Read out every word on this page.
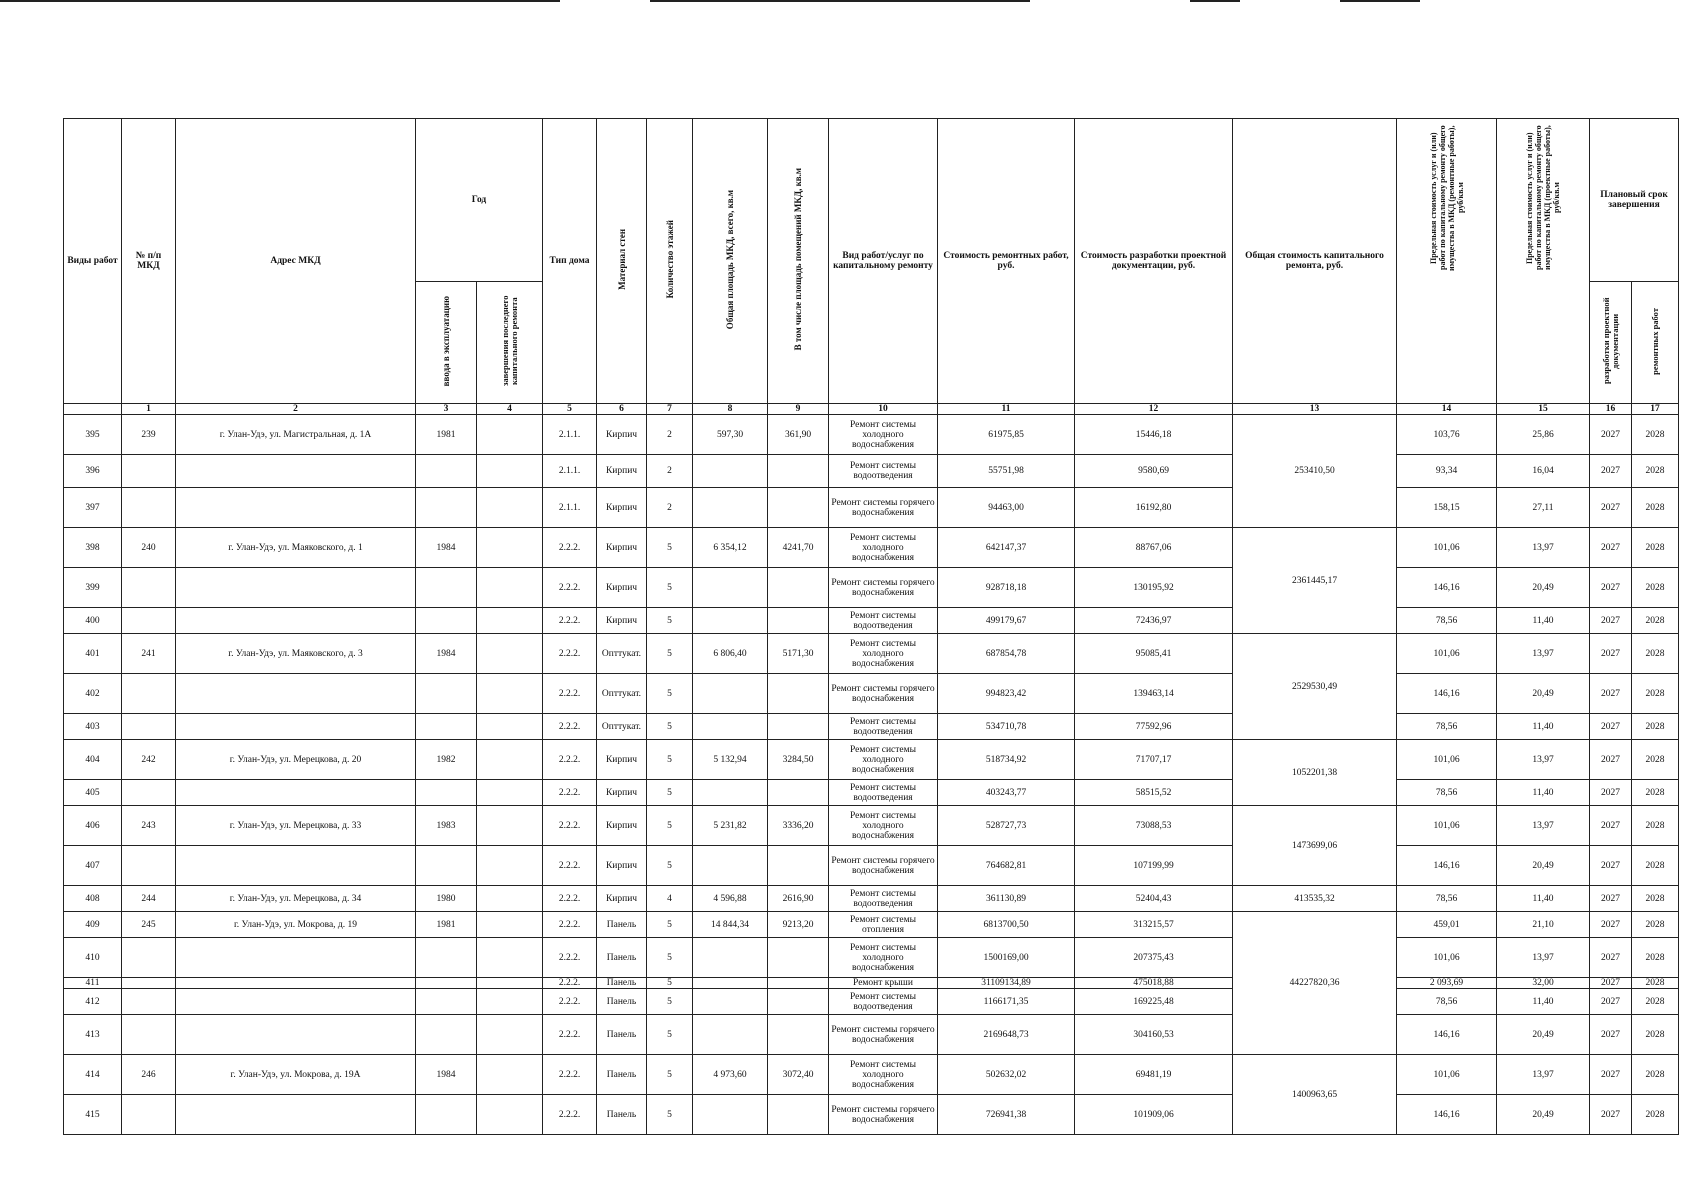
Виды работ	№ п/п МКД	Адрес МКД	Год		Тип дома	Материал стен	Количество этажей	Общая площадь МКД, всего, кв.м	В том числе площадь помещений МКД, кв.м	Вид работ/услуг по капитальному ремонту	Стоимость ремонтных работ, руб.	Стоимость разработки проектной документации, руб.	Общая стоимость капитального ремонта, руб.	Предельная стоимость услуг и (или) работ по капитальному ремонту общего имущества в МКД (ремонтные работы), руб/кв.м	Предельная стоимость услуг и (или) работ по капитальному ремонту общего имущества в МКД (проектные работы), руб/кв.м	Плановый срок завершения	
			ввода в эксплуатацию	завершения последнего капитального ремонта												разработки проектной документации	ремонтных работ
	1	2	3	4	5	6	7	8	9	10	11	12	13	14	15	16	17
395	239	г. Улан-Удэ, ул. Магистральная, д. 1А	1981		2.1.1.	Кирпич	2	597,30	361,90	Ремонт системы холодного водоснабжения	61975,85	15446,18	253410,50	103,76	25,86	2027	2028
396					2.1.1.	Кирпич	2			Ремонт системы водоотведения	55751,98	9580,69		93,34	16,04	2027	2028
397					2.1.1.	Кирпич	2			Ремонт системы горячего водоснабжения	94463,00	16192,80		158,15	27,11	2027	2028
398	240	г. Улан-Удэ, ул. Маяковского, д. 1	1984		2.2.2.	Кирпич	5	6 354,12	4241,70	Ремонт системы холодного водоснабжения	642147,37	88767,06	2361445,17	101,06	13,97	2027	2028
399					2.2.2.	Кирпич	5			Ремонт системы горячего водоснабжения	928718,18	130195,92		146,16	20,49	2027	2028
400					2.2.2.	Кирпич	5			Ремонт системы водоотведения	499179,67	72436,97		78,56	11,40	2027	2028
401	241	г. Улан-Удэ, ул. Маяковского, д. 3	1984		2.2.2.	Опттукат.	5	6 806,40	5171,30	Ремонт системы холодного водоснабжения	687854,78	95085,41	2529530,49	101,06	13,97	2027	2028
402					2.2.2.	Опттукат.	5			Ремонт системы горячего водоснабжения	994823,42	139463,14		146,16	20,49	2027	2028
403					2.2.2.	Опттукат.	5			Ремонт системы водоотведения	534710,78	77592,96		78,56	11,40	2027	2028
404	242	г. Улан-Удэ, ул. Мерецкова, д. 20	1982		2.2.2.	Кирпич	5	5 132,94	3284,50	Ремонт системы холодного водоснабжения	518734,92	71707,17	1052201,38	101,06	13,97	2027	2028
405					2.2.2.	Кирпич	5			Ремонт системы водоотведения	403243,77	58515,52		78,56	11,40	2027	2028
406	243	г. Улан-Удэ, ул. Мерецкова, д. 33	1983		2.2.2.	Кирпич	5	5 231,82	3336,20	Ремонт системы холодного водоснабжения	528727,73	73088,53	1473699,06	101,06	13,97	2027	2028
407					2.2.2.	Кирпич	5			Ремонт системы горячего водоснабжения	764682,81	107199,99		146,16	20,49	2027	2028
408	244	г. Улан-Удэ, ул. Мерецкова, д. 34	1980		2.2.2.	Кирпич	4	4 596,88	2616,90	Ремонт системы водоотведения	361130,89	52404,43	413535,32	78,56	11,40	2027	2028
409	245	г. Улан-Удэ, ул. Мокрова, д. 19	1981		2.2.2.	Панель	5	14 844,34	9213,20	Ремонт системы отопления	6813700,50	313215,57	44227820,36	459,01	21,10	2027	2028
410					2.2.2.	Панель	5			Ремонт системы холодного водоснабжения	1500169,00	207375,43		101,06	13,97	2027	2028
411					2.2.2.	Панель	5			Ремонт крыши	31109134,89	475018,88		2 093,69	32,00	2027	2028
412					2.2.2.	Панель	5			Ремонт системы водоотведения	1166171,35	169225,48		78,56	11,40	2027	2028
413					2.2.2.	Панель	5			Ремонт системы горячего водоснабжения	2169648,73	304160,53		146,16	20,49	2027	2028
414	246	г. Улан-Удэ, ул. Мокрова, д. 19А	1984		2.2.2.	Панель	5	4 973,60	3072,40	Ремонт системы холодного водоснабжения	502632,02	69481,19	1400963,65	101,06	13,97	2027	2028
415					2.2.2.	Панель	5			Ремонт системы горячего водоснабжения	726941,38	101909,06		146,16	20,49	2027	2028
